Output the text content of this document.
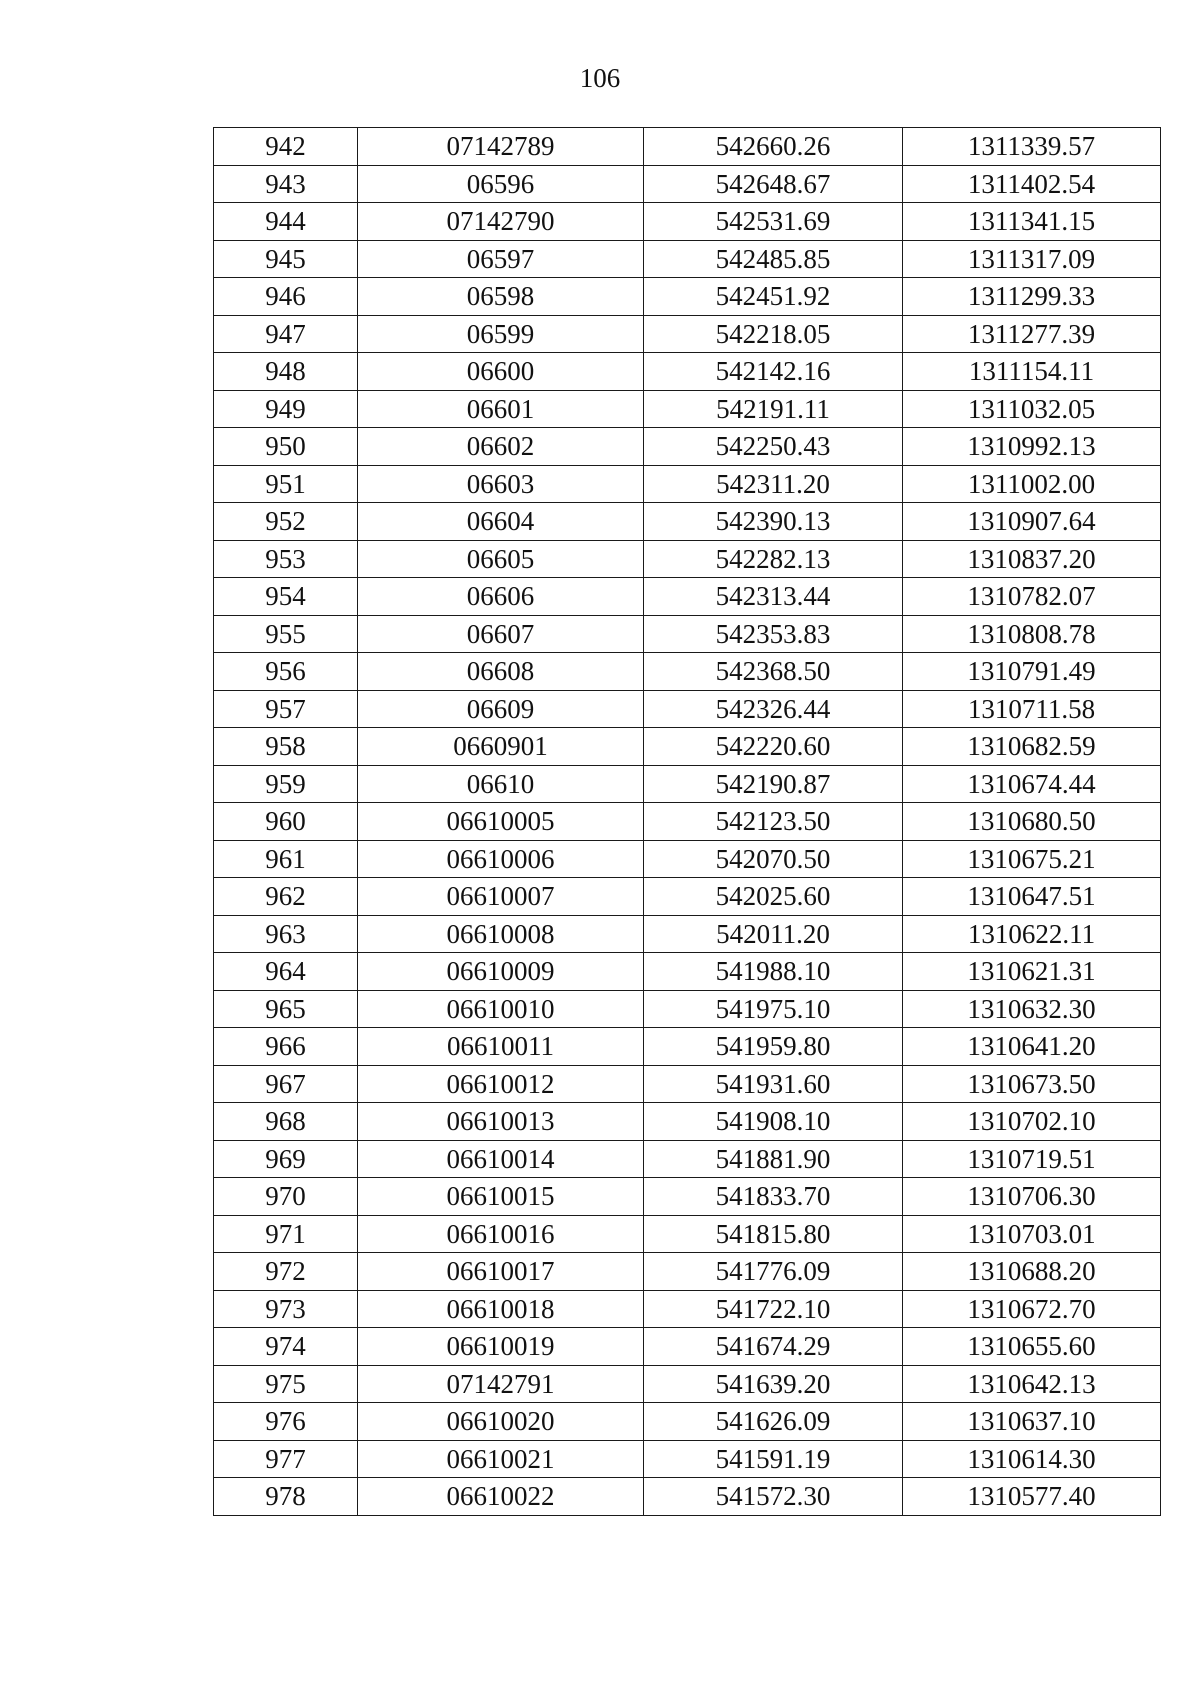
106
942	07142789	542660.26	1311339.57
943	06596	542648.67	1311402.54
944	07142790	542531.69	1311341.15
945	06597	542485.85	1311317.09
946	06598	542451.92	1311299.33
947	06599	542218.05	1311277.39
948	06600	542142.16	1311154.11
949	06601	542191.11	1311032.05
950	06602	542250.43	1310992.13
951	06603	542311.20	1311002.00
952	06604	542390.13	1310907.64
953	06605	542282.13	1310837.20
954	06606	542313.44	1310782.07
955	06607	542353.83	1310808.78
956	06608	542368.50	1310791.49
957	06609	542326.44	1310711.58
958	0660901	542220.60	1310682.59
959	06610	542190.87	1310674.44
960	06610005	542123.50	1310680.50
961	06610006	542070.50	1310675.21
962	06610007	542025.60	1310647.51
963	06610008	542011.20	1310622.11
964	06610009	541988.10	1310621.31
965	06610010	541975.10	1310632.30
966	06610011	541959.80	1310641.20
967	06610012	541931.60	1310673.50
968	06610013	541908.10	1310702.10
969	06610014	541881.90	1310719.51
970	06610015	541833.70	1310706.30
971	06610016	541815.80	1310703.01
972	06610017	541776.09	1310688.20
973	06610018	541722.10	1310672.70
974	06610019	541674.29	1310655.60
975	07142791	541639.20	1310642.13
976	06610020	541626.09	1310637.10
977	06610021	541591.19	1310614.30
978	06610022	541572.30	1310577.40
